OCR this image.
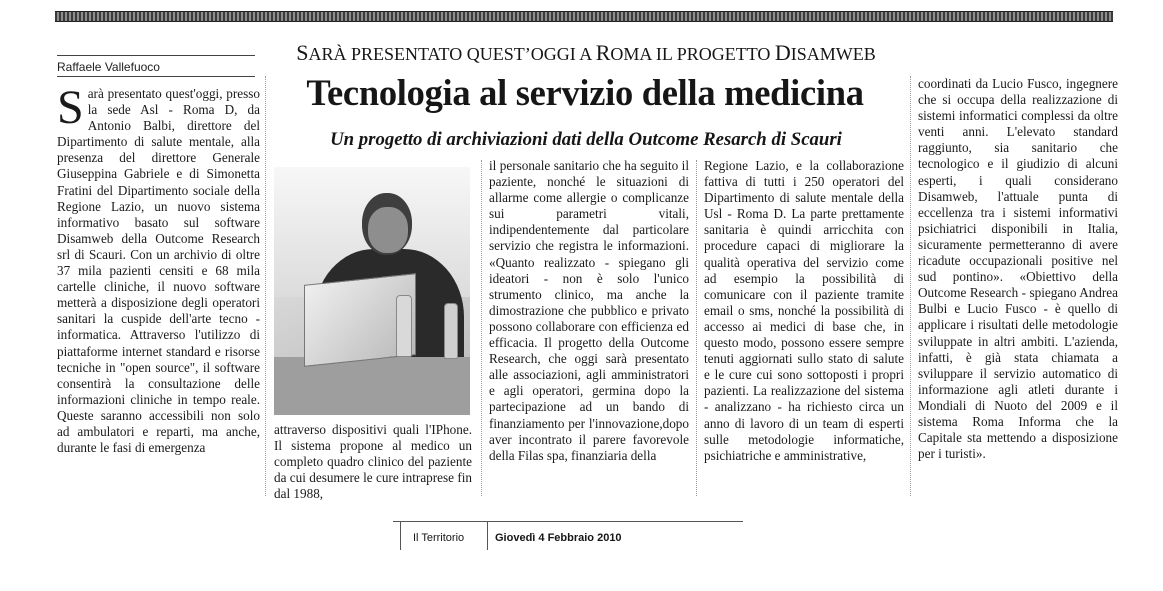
Raffaele Vallefuoco
SARÀ PRESENTATO QUEST’OGGI A ROMA IL PROGETTO DISAMWEB
Tecnologia al servizio della medicina
Un progetto di archiviazioni dati della Outcome Resarch di Scauri
Sarà presentato quest'oggi, presso la sede Asl - Roma D, da Antonio Balbi, direttore del Dipartimento di salute mentale, alla presenza del direttore Generale Giuseppina Gabriele e di Simonetta Fratini del Dipartimento sociale della Regione Lazio, un nuovo sistema informativo basato sul software Disamweb della Outcome Research srl di Scauri. Con un archivio di oltre 37 mila pazienti censiti e 68 mila cartelle cliniche, il nuovo software metterà a disposizione degli operatori sanitari la cuspide dell'arte tecno - informatica. Attraverso l'utilizzo di piattaforme internet standard e risorse tecniche in "open source", il software consentirà la consultazione delle informazioni cliniche in tempo reale. Queste saranno accessibili non solo ad ambulatori e reparti, ma anche, durante le fasi di emergenza
attraverso dispositivi quali l'IPhone. Il sistema propone al medico un completo quadro clinico del paziente da cui desumere le cure intraprese fin dal 1988,
il personale sanitario che ha seguito il paziente, nonché le situazioni di allarme come allergie o complicanze sui parametri vitali, indipendentemente dal particolare servizio che registra le informazioni. «Quanto realizzato - spiegano gli ideatori - non è solo l'unico strumento clinico, ma anche la dimostrazione che pubblico e privato possono collaborare con efficienza ed efficacia. Il progetto della Outcome Research, che oggi sarà presentato alle associazioni, agli amministratori e agli operatori, germina dopo la partecipazione ad un bando di finanziamento per l'innovazione,dopo aver incontrato il parere favorevole della Filas spa, finanziaria della
Regione Lazio, e la collaborazione fattiva di tutti i 250 operatori del Dipartimento di salute mentale della Usl - Roma D. La parte prettamente sanitaria è quindi arricchita con procedure capaci di migliorare la qualità operativa del servizio come ad esempio la possibilità di comunicare con il paziente tramite email o sms, nonché la possibilità di accesso ai medici di base che, in questo modo, possono essere sempre tenuti aggiornati sullo stato di salute e le cure cui sono sottoposti i propri pazienti. La realizzazione del sistema - analizzano - ha richiesto circa un anno di lavoro di un team di esperti sulle metodologie informatiche, psichiatriche e amministrative,
coordinati da Lucio Fusco, ingegnere che si occupa della realizzazione di sistemi informatici complessi da oltre venti anni. L'elevato standard raggiunto, sia sanitario che tecnologico e il giudizio di alcuni esperti, i quali considerano Disamweb, l'attuale punta di eccellenza tra i sistemi informativi psichiatrici disponibili in Italia, sicuramente permetteranno di avere ricadute occupazionali positive nel sud pontino». «Obiettivo della Outcome Research - spiegano Andrea Bulbi e Lucio Fusco - è quello di applicare i risultati delle metodologie sviluppate in altri ambiti. L'azienda, infatti, è già stata chiamata a sviluppare il servizio automatico di informazione agli atleti durante i Mondiali di Nuoto del 2009 e il sistema Roma Informa che la Capitale sta mettendo a disposizione per i turisti».
Il Territorio	Giovedì 4 Febbraio 2010
